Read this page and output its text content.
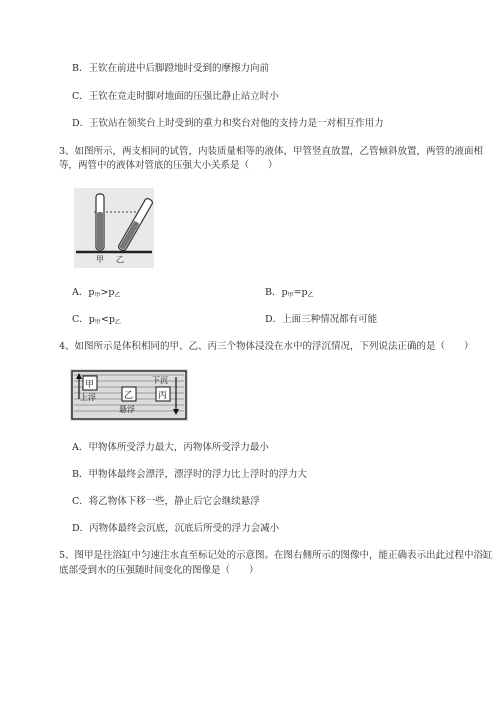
B．王钦在前进中后脚蹬地时受到的摩擦力向前
C．王钦在竞走时脚对地面的压强比静止站立时小
D．王钦站在领奖台上时受到的重力和奖台对他的支持力是一对相互作用力
3、如图所示，两支相同的试管，内装质量相等的液体，甲管竖直放置，乙管倾斜放置，两管的液面相
等，两管中的液体对管底的压强大小关系是（　　）
甲 乙
A．$p_甲>p_乙$	B．$p_甲=p_乙$
C．$p_甲<p_乙$	D．上面三种情况都有可能
4、如图所示是体积相同的甲、乙、丙三个物体浸没在水中的浮沉情况，下列说法正确的是（　　）
甲
上浮	乙
悬浮
下沉
丙
A．甲物体所受浮力最大，丙物体所受浮力最小
B．甲物体最终会漂浮，漂浮时的浮力比上浮时的浮力大
C．将乙物体下移一些，静止后它会继续悬浮
D．丙物体最终会沉底，沉底后所受的浮力会减小
5、图甲是往浴缸中匀速注水直至标记处的示意图。在图右侧所示的图像中，能正确表示出此过程中浴缸
底部受到水的压强随时间变化的图像是（　　）
